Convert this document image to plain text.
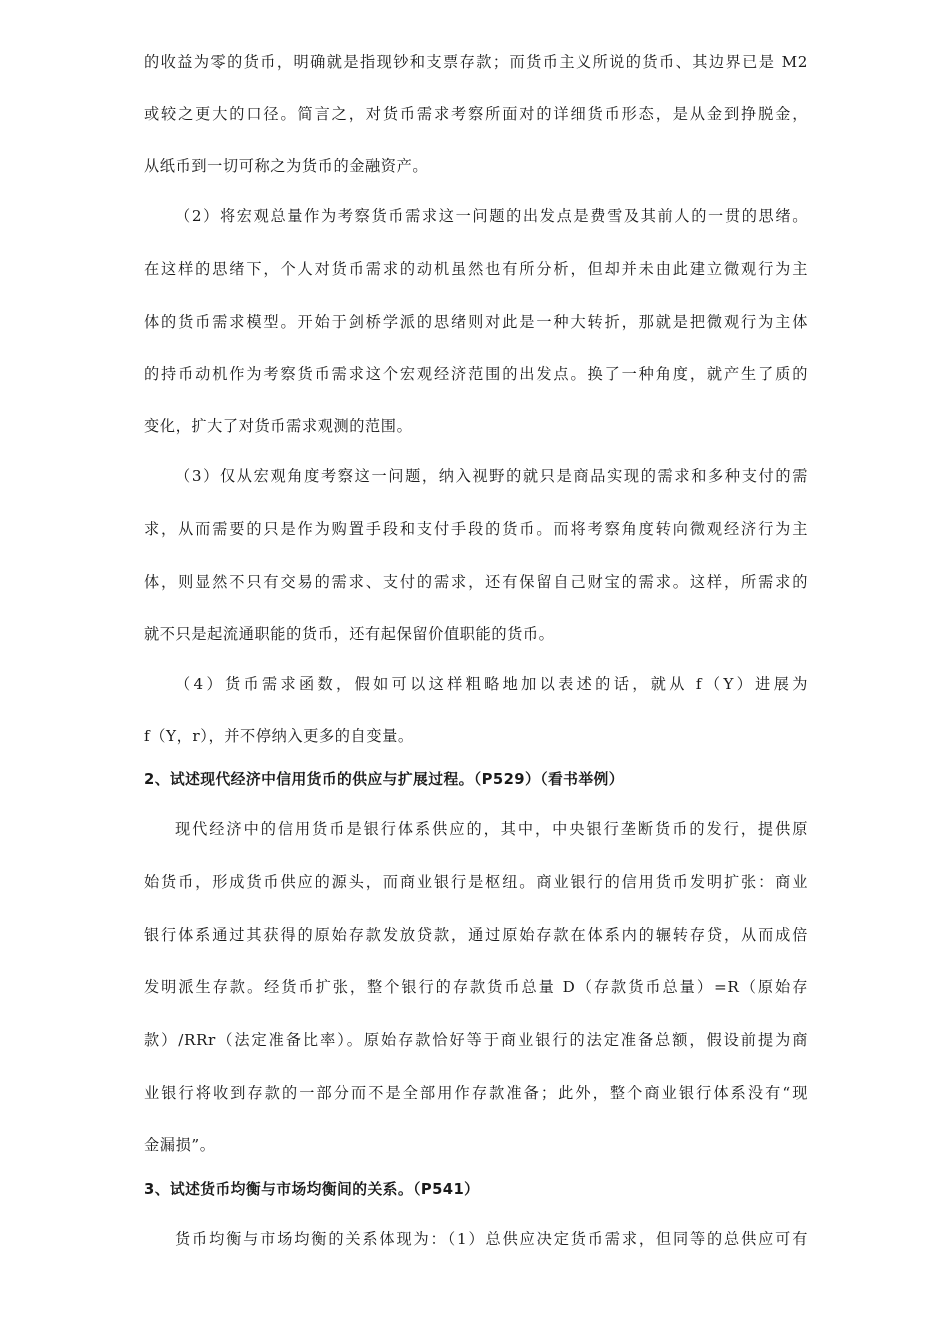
的收益为零的货币，明确就是指现钞和支票存款；而货币主义所说的货币、其边界已是 M2
或较之更大的口径。简言之，对货币需求考察所面对的详细货币形态，是从金到挣脱金，
从纸币到一切可称之为货币的金融资产。
（2）将宏观总量作为考察货币需求这一问题的出发点是费雪及其前人的一贯的思绪。
在这样的思绪下，个人对货币需求的动机虽然也有所分析，但却并未由此建立微观行为主
体的货币需求模型。开始于剑桥学派的思绪则对此是一种大转折，那就是把微观行为主体
的持币动机作为考察货币需求这个宏观经济范围的出发点。换了一种角度，就产生了质的
变化，扩大了对货币需求观测的范围。
（3）仅从宏观角度考察这一问题，纳入视野的就只是商品实现的需求和多种支付的需
求，从而需要的只是作为购置手段和支付手段的货币。而将考察角度转向微观经济行为主
体，则显然不只有交易的需求、支付的需求，还有保留自己财宝的需求。这样，所需求的
就不只是起流通职能的货币，还有起保留价值职能的货币。
（4）货币需求函数，假如可以这样粗略地加以表述的话，就从 f（Y）进展为
f（Y，r），并不停纳入更多的自变量。
2、试述现代经济中信用货币的供应与扩展过程。（P529）（看书举例）
现代经济中的信用货币是银行体系供应的，其中，中央银行垄断货币的发行，提供原
始货币，形成货币供应的源头，而商业银行是枢纽。商业银行的信用货币发明扩张：商业
银行体系通过其获得的原始存款发放贷款，通过原始存款在体系内的辗转存贷，从而成倍
发明派生存款。经货币扩张，整个银行的存款货币总量 D（存款货币总量）=R（原始存
款）/RRr（法定准备比率）。原始存款恰好等于商业银行的法定准备总额，假设前提为商
业银行将收到存款的一部分而不是全部用作存款准备；此外，整个商业银行体系没有“现
金漏损”。
3、试述货币均衡与市场均衡间的关系。（P541）
货币均衡与市场均衡的关系体现为：（1）总供应决定货币需求，但同等的总供应可有
